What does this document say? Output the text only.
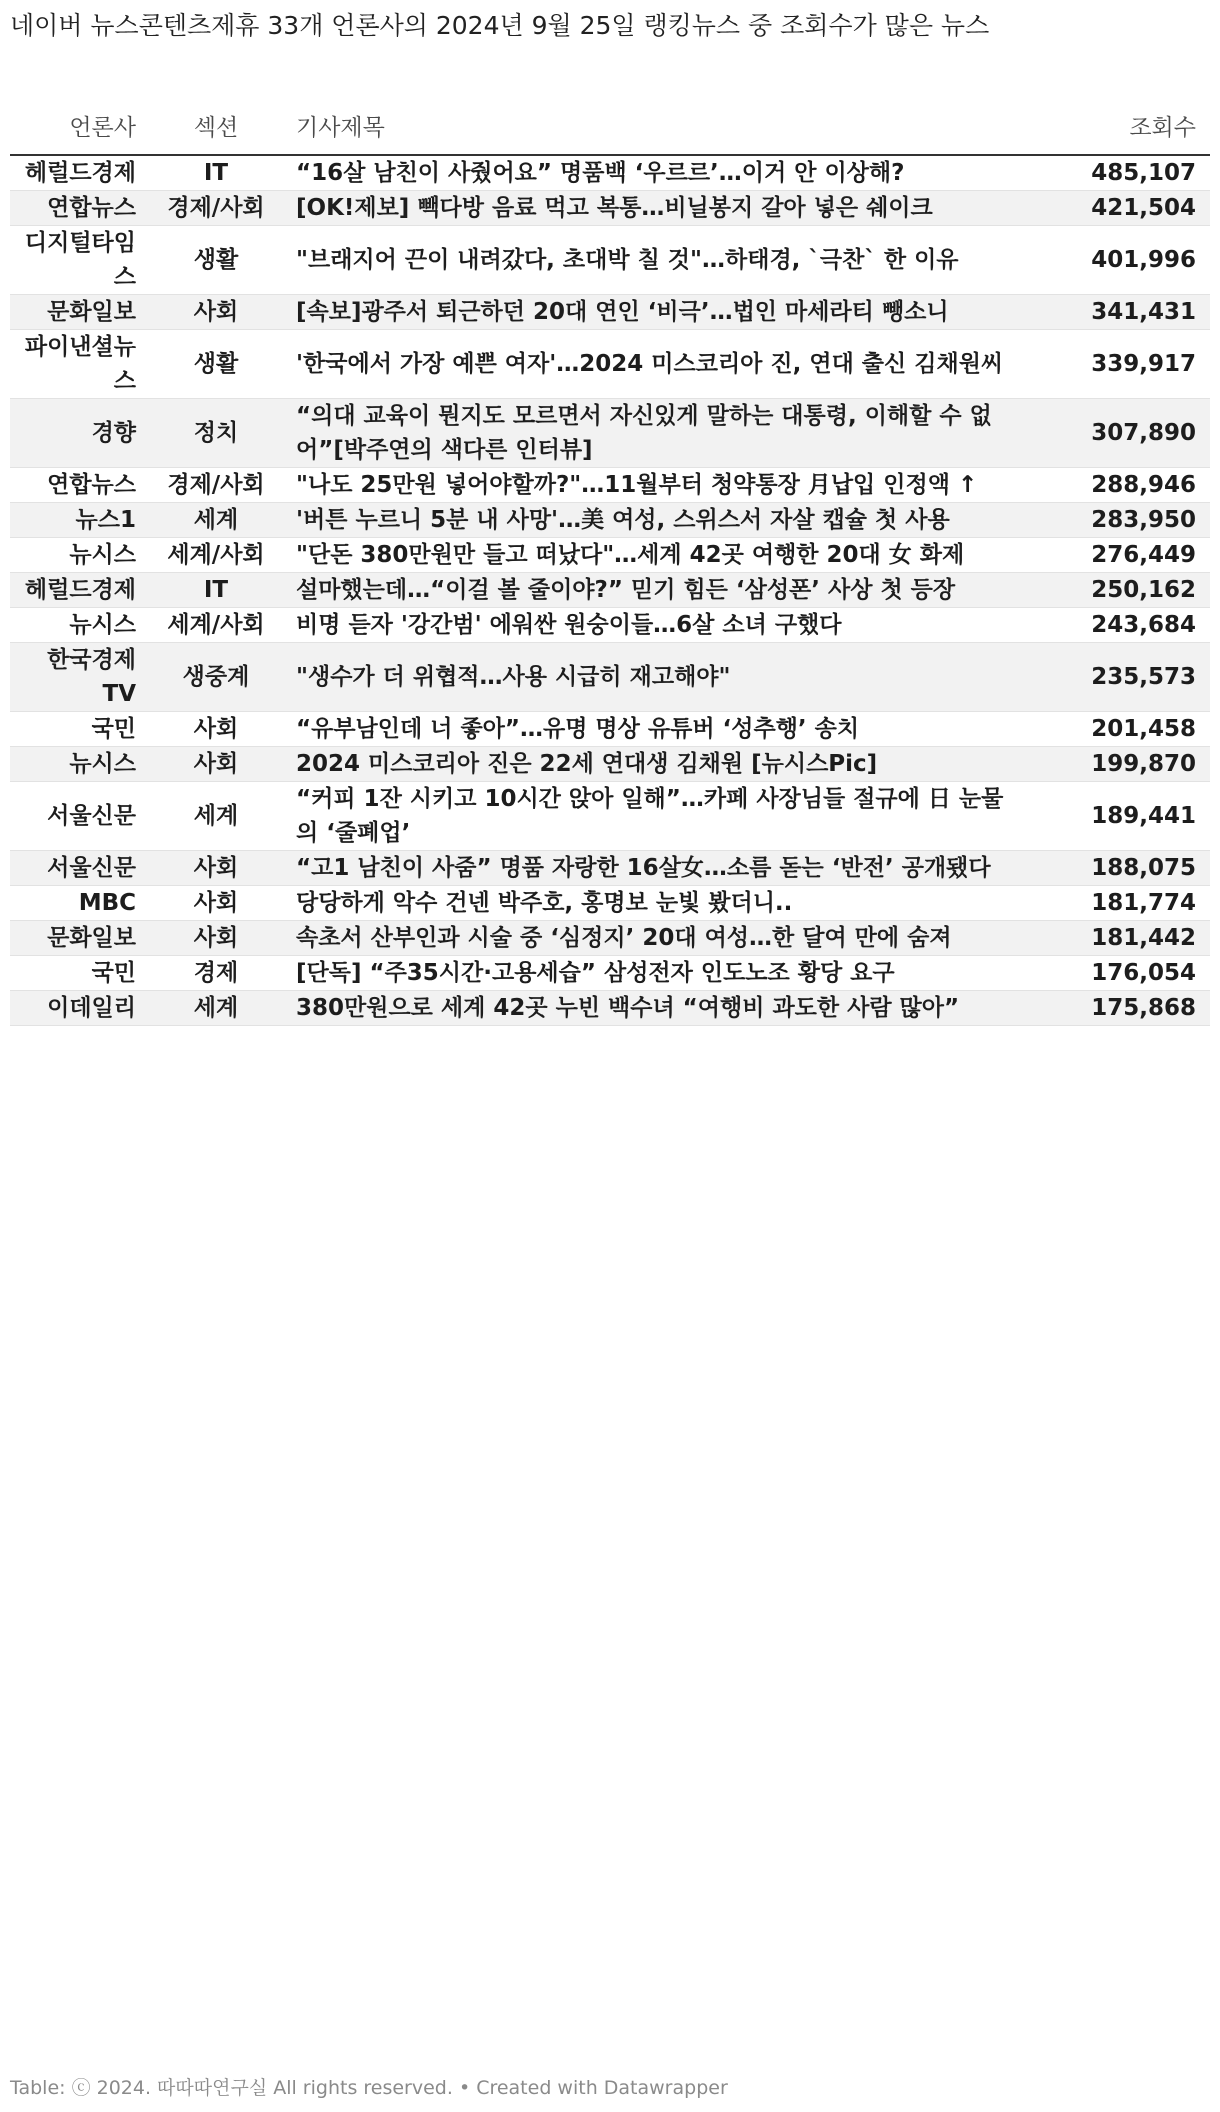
네이버 뉴스콘텐츠제휴 33개 언론사의 2024년 9월 25일 랭킹뉴스 중 조회수가 많은 뉴스
언론사	섹션	기사제목	조회수
헤럴드경제	IT	“16살 남친이 사줬어요” 명품백 ‘우르르’…이거 안 이상해?	485,107
연합뉴스	경제/사회	[OK!제보] 빽다방 음료 먹고 복통…비닐봉지 갈아 넣은 쉐이크	421,504
디지털타임스	생활	"브래지어 끈이 내려갔다, 초대박 칠 것"…하태경, `극찬` 한 이유	401,996
문화일보	사회	[속보]광주서 퇴근하던 20대 연인 ‘비극’…법인 마세라티 뺑소니	341,431
파이낸셜뉴스	생활	'한국에서 가장 예쁜 여자'…2024 미스코리아 진, 연대 출신 김채원씨	339,917
경향	정치	“의대 교육이 뭔지도 모르면서 자신있게 말하는 대통령, 이해할 수 없어”[박주연의 색다른 인터뷰]	307,890
연합뉴스	경제/사회	"나도 25만원 넣어야할까?"…11월부터 청약통장 月납입 인정액 ↑	288,946
뉴스1	세계	'버튼 누르니 5분 내 사망'…美 여성, 스위스서 자살 캡슐 첫 사용	283,950
뉴시스	세계/사회	"단돈 380만원만 들고 떠났다"…세계 42곳 여행한 20대 女 화제	276,449
헤럴드경제	IT	설마했는데…“이걸 볼 줄이야?” 믿기 힘든 ‘삼성폰’ 사상 첫 등장	250,162
뉴시스	세계/사회	비명 듣자 '강간범' 에워싼 원숭이들…6살 소녀 구했다	243,684
한국경제TV	생중계	"생수가 더 위협적…사용 시급히 재고해야"	235,573
국민	사회	“유부남인데 너 좋아”…유명 명상 유튜버 ‘성추행’ 송치	201,458
뉴시스	사회	2024 미스코리아 진은 22세 연대생 김채원 [뉴시스Pic]	199,870
서울신문	세계	“커피 1잔 시키고 10시간 앉아 일해”…카페 사장님들 절규에 日 눈물의 ‘줄폐업’	189,441
서울신문	사회	“고1 남친이 사줌” 명품 자랑한 16살女…소름 돋는 ‘반전’ 공개됐다	188,075
MBC	사회	당당하게 악수 건넨 박주호, 홍명보 눈빛 봤더니..	181,774
문화일보	사회	속초서 산부인과 시술 중 ‘심정지’ 20대 여성…한 달여 만에 숨져	181,442
국민	경제	[단독] “주35시간·고용세습” 삼성전자 인도노조 황당 요구	176,054
이데일리	세계	380만원으로 세계 42곳 누빈 백수녀 “여행비 과도한 사람 많아”	175,868
Table: ⓒ 2024. 따따따연구실 All rights reserved. • Created with Datawrapper
